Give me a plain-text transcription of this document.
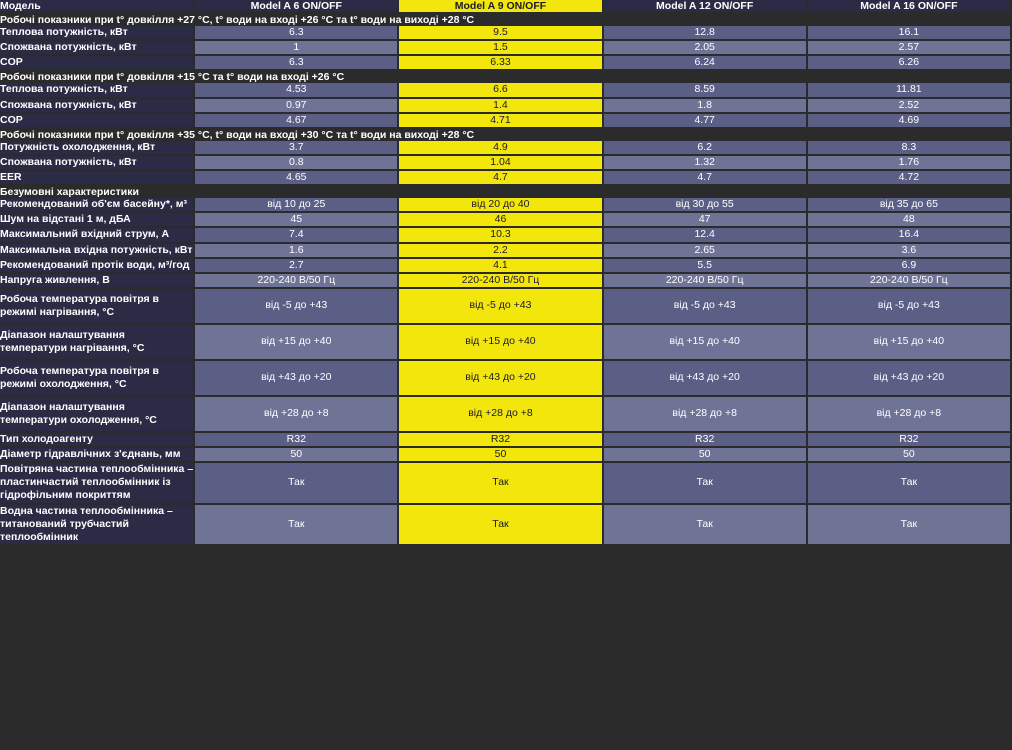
Модель	Model A 6 ON/OFF	Model A 9 ON/OFF	Model A 12 ON/OFF	Model A 16 ON/OFF
Робочі показники при t° довкілля +27 °С, t° води на вході +26 °С та t° води на виході +28 °С				
Теплова потужність, кВт	6.3	9.5	12.8	16.1
Спожвана потужність, кВт	1	1.5	2.05	2.57
COP	6.3	6.33	6.24	6.26
Робочі показники при t° довкілля +15 °С та t° води на вході +26 °С				
Теплова потужність, кВт	4.53	6.6	8.59	11.81
Спожвана потужність, кВт	0.97	1.4	1.8	2.52
COP	4.67	4.71	4.77	4.69
Робочі показники при t° довкілля +35 °С, t° води на вході +30 °С та t° води на виході +28 °С				
Потужність охолодження, кВт	3.7	4.9	6.2	8.3
Спожвана потужність, кВт	0.8	1.04	1.32	1.76
EER	4.65	4.7	4.7	4.72
Безумовні характеристики				
Рекомендований об'єм басейну*, м³	від 10 до 25	від 20 до 40	від 30 до 55	від 35 до 65
Шум на відстані 1 м, дБА	45	46	47	48
Максимальний вхідний струм, А	7.4	10.3	12.4	16.4
Максимальна вхідна потужність, кВт	1.6	2.2	2.65	3.6
Рекомендований протік води, м³/год	2.7	4.1	5.5	6.9
Напруга живлення, В	220-240 В/50 Гц	220-240 В/50 Гц	220-240 В/50 Гц	220-240 В/50 Гц
Робоча температура повітря в режимі нагрівання, °С	від -5 до +43	від -5 до +43	від -5 до +43	від -5 до +43
Діапазон налаштування температури нагрівання, °С	від +15 до +40	від +15 до +40	від +15 до +40	від +15 до +40
Робоча температура повітря в режимі охолодження, °С	від +43 до +20	від +43 до +20	від +43 до +20	від +43 до +20
Діапазон налаштування температури охолодження, °С	від +28 до +8	від +28 до +8	від +28 до +8	від +28 до +8
Тип холодоагенту	R32	R32	R32	R32
Діаметр гідравлічних з'єднань, мм	50	50	50	50
Повітряна частина теплообмінника – пластинчастий теплообмінник із гідрофільним покриттям	Так	Так	Так	Так
Водна частина теплообмінника – титанований трубчастий теплообмінник	Так	Так	Так	Так
